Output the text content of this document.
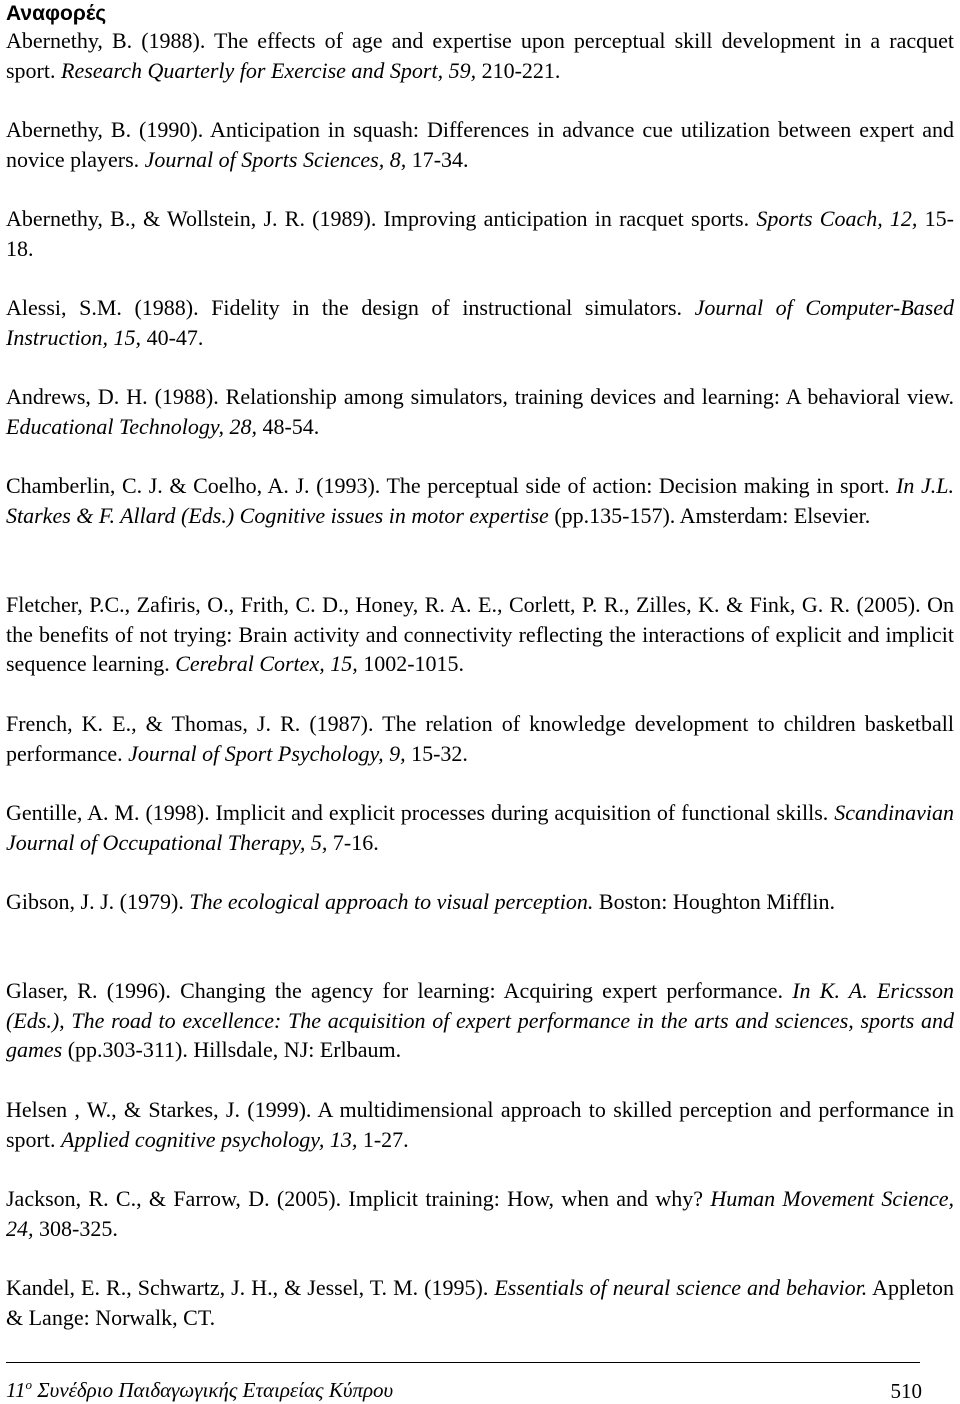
Αναφορές

Abernethy, B. (1988). The effects of age and expertise upon perceptual skill development in a racquet sport. Research Quarterly for Exercise and Sport, 59, 210-221.

Abernethy, B. (1990). Anticipation in squash: Differences in advance cue utilization between expert and novice players. Journal of Sports Sciences, 8, 17-34.

Abernethy, B., & Wollstein, J. R. (1989). Improving anticipation in racquet sports. Sports Coach, 12, 15-18.

Alessi, S.M. (1988). Fidelity in the design of instructional simulators. Journal of Computer-Based Instruction, 15, 40-47.

Andrews, D. H. (1988). Relationship among simulators, training devices and learning: A behavioral view. Educational Technology, 28, 48-54.

Chamberlin, C. J. & Coelho, A. J. (1993). The perceptual side of action: Decision making in sport. In J.L. Starkes & F. Allard (Eds.) Cognitive issues in motor expertise (pp.135-157). Amsterdam: Elsevier.

Fletcher, P.C., Zafiris, O., Frith, C. D., Honey, R. A. E., Corlett, P. R., Zilles, K. & Fink, G. R. (2005). On the benefits of not trying: Brain activity and connectivity reflecting the interactions of explicit and implicit sequence learning. Cerebral Cortex, 15, 1002-1015.

French, K. E., & Thomas, J. R. (1987). The relation of knowledge development to children basketball performance. Journal of Sport Psychology, 9, 15-32.

Gentille, A. M. (1998). Implicit and explicit processes during acquisition of functional skills. Scandinavian Journal of Occupational Therapy, 5, 7-16.

Gibson, J. J. (1979). The ecological approach to visual perception. Boston: Houghton Mifflin.

Glaser, R. (1996). Changing the agency for learning: Acquiring expert performance. In K. A. Ericsson (Eds.), The road to excellence: The acquisition of expert performance in the arts and sciences, sports and games (pp.303-311). Hillsdale, NJ: Erlbaum.

Helsen , W., & Starkes, J. (1999). A multidimensional approach to skilled perception and performance in sport. Applied cognitive psychology, 13, 1-27.

Jackson, R. C., & Farrow, D. (2005). Implicit training: How, when and why? Human Movement Science, 24, 308-325.

Kandel, E. R., Schwartz, J. H., & Jessel, T. M. (1995). Essentials of neural science and behavior. Appleton & Lange: Norwalk, CT.

$11^o$ Συνέδριο Παιδαγωγικής Εταιρείας Κύπρου	510
